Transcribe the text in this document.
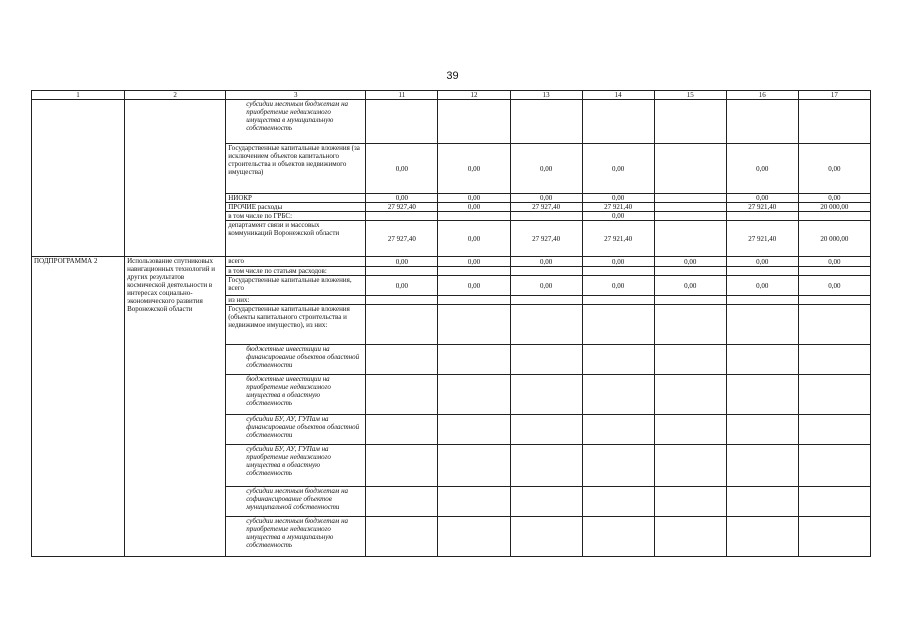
39
1	2	3	11	12	13	14	15	16	17
		субсидии местным бюджетам на приобретение недвижимого имущества в муниципальную собственность							
		Государственные капитальные вложения (за исключением объектов капитального строительства и объектов недвижимого имущества)	0,00	0,00	0,00	0,00		0,00	0,00
		НИОКР	0,00	0,00	0,00	0,00		0,00	0,00
		ПРОЧИЕ расходы	27 927,40	0,00	27 927,40	27 921,40		27 921,40	20 000,00
		в том числе по ГРБС:				0,00			
		департамент связи и массовых коммуникаций Воронежской области	27 927,40	0,00	27 927,40	27 921,40		27 921,40	20 000,00
ПОДПРОГРАММА 2	Использование спутниковых навигационных технологий и других результатов космической деятельности в интересах социально-экономического развития Воронежской области	всего	0,00	0,00	0,00	0,00	0,00	0,00	0,00
		в том числе по статьям расходов:							
		Государственные капитальные вложения, всего	0,00	0,00	0,00	0,00	0,00	0,00	0,00
		из них:							
		Государственные капитальные вложения (объекты капитального строительства и недвижимое имущество), из них:							
		бюджетные инвестиции на финансирование объектов областной собственности							
		бюджетные инвестиции на приобретение недвижимого имущества в областную собственность							
		субсидии БУ, АУ, ГУПам на финансирование объектов областной собственности							
		субсидии БУ, АУ, ГУПам на приобретение недвижимого имущества в областную собственность							
		субсидии местным бюджетам на софинансирование объектов муниципальной собственности							
		субсидии местным бюджетам на приобретение недвижимого имущества в муниципальную собственность							
